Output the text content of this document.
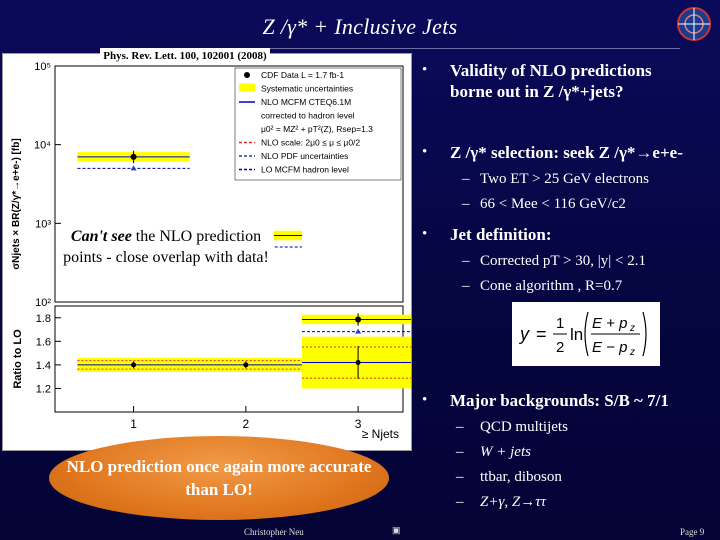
Z /γ* + Inclusive Jets
10²
10³
10⁴
10⁵
σNjets × BR(Z/γ*→e+e-) [fb]
CDF Data L = 1.7 fb-1
Systematic uncertainties
NLO MCFM CTEQ6.1M
corrected to hadron level
μ0² = MZ² + pT²(Z), Rsep=1.3
NLO scale: 2μ0 ≤ μ ≤ μ0/2
NLO PDF uncertainties
LO MCFM hadron level
1.2
1.4
1.6
1.8
Ratio to LO
1	2	3
≥ Njets
Phys. Rev. Lett. 100, 102001 (2008)
Can't see the NLO prediction points - close overlap with data!
• Validity of NLO predictions
borne out in Z /γ*+jets?
• Z /γ* selection: seek Z /γ*→e+e-
– Two ET > 25 GeV electrons
– 66 < Mee < 116 GeV/c2
• Jet definition:
– Corrected pT > 30, |y| < 2.1
– Cone algorithm , R=0.7
• Major backgrounds: S/B ~ 7/1
– QCD multijets
– W + jets
– ttbar, diboson
– Z+γ, Z→ττ
y =
1
2
ln
E + p z
E − p z
NLO prediction once again more accurate than LO!
Christopher Neu	▣	Page 9
